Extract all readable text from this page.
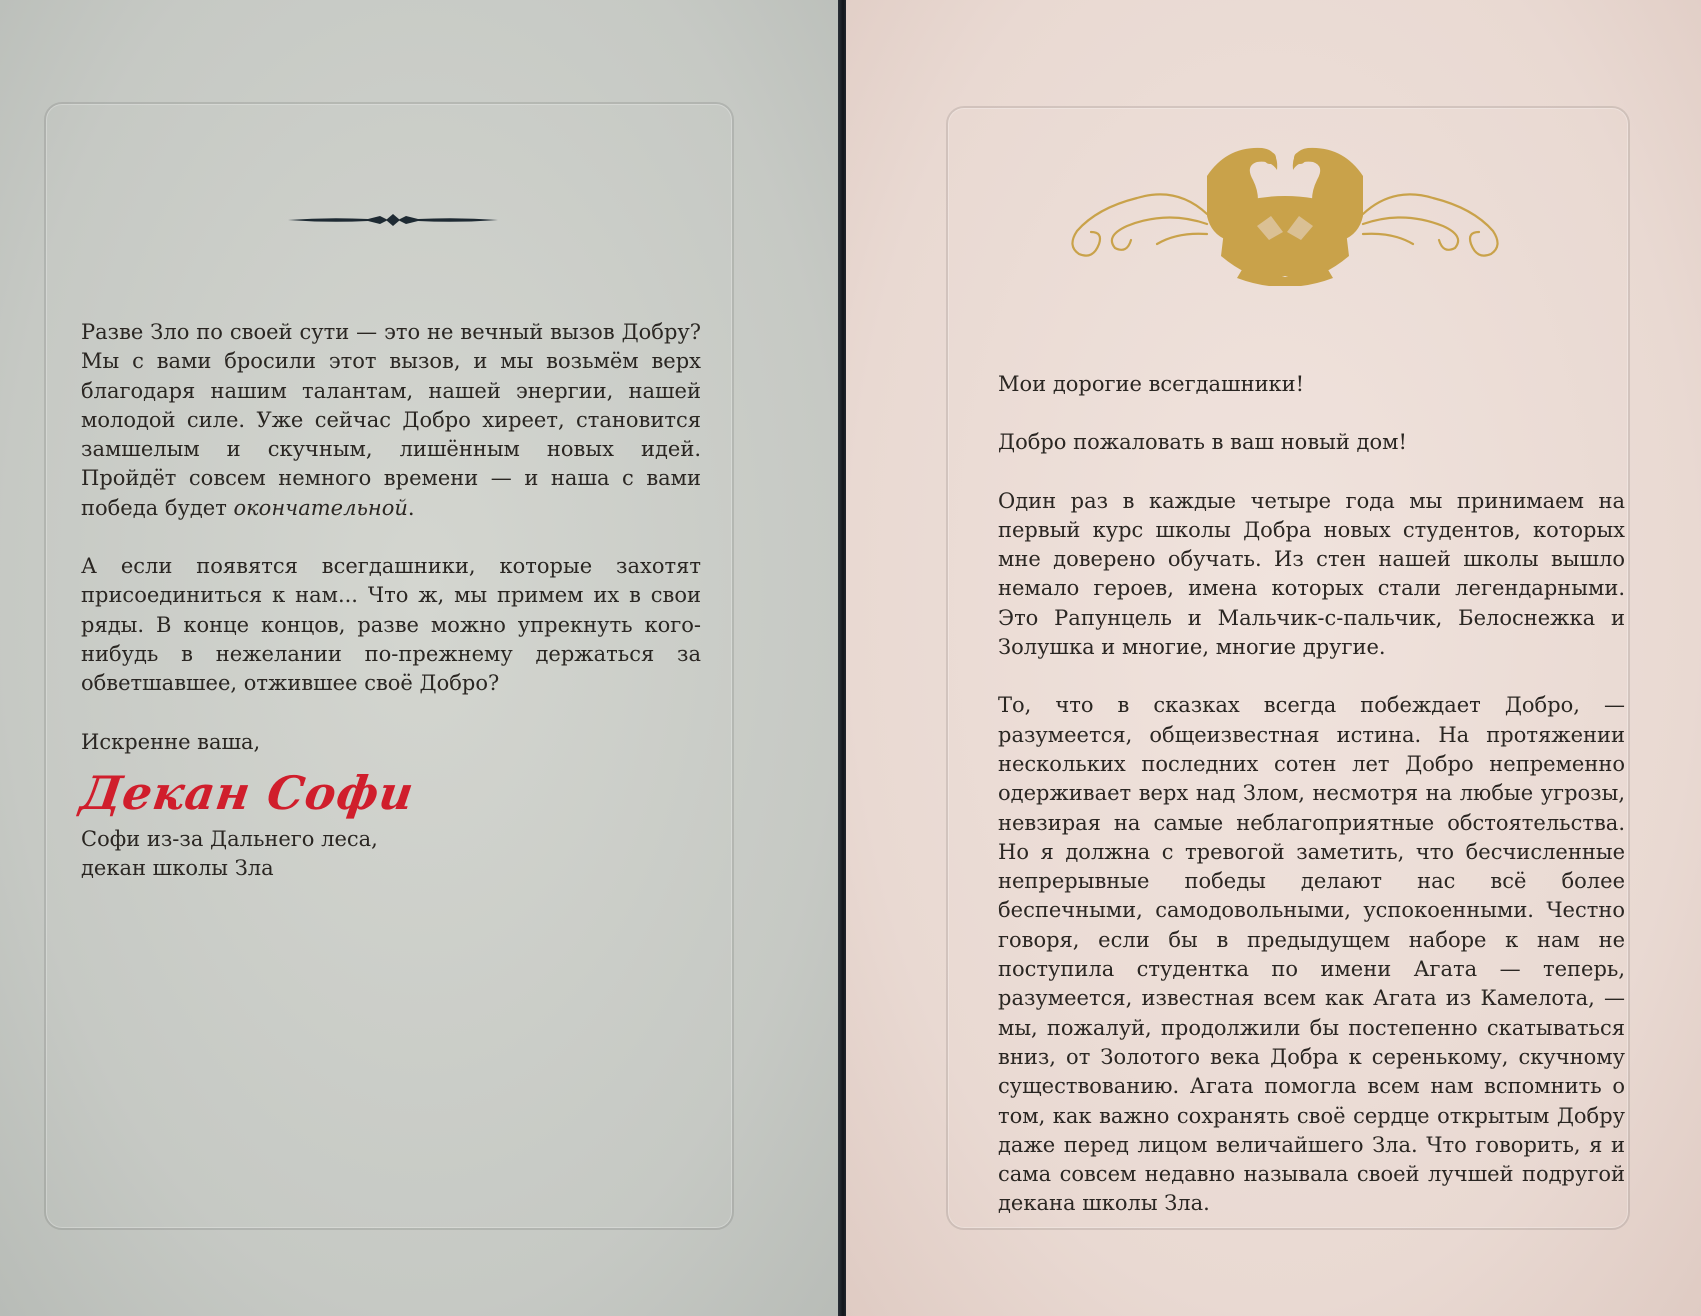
Разве Зло по своей сути — это не вечный вызов Добру? Мы с вами бросили этот вызов, и мы возьмём верх благодаря нашим талантам, нашей энергии, нашей молодой силе. Уже сейчас Добро хиреет, становится замшелым и скучным, лишённым новых идей. Пройдёт совсем немного времени — и наша с вами победа будет окончательной.

А если появятся всегдашники, которые захотят присоединиться к нам... Что ж, мы примем их в свои ряды. В конце концов, разве можно упрекнуть кого-нибудь в нежелании по-прежнему держаться за обветшавшее, отжившее своё Добро?

Искренне ваша,

Декан Софи

Софи из-за Дальнего леса,

декан школы Зла

Мои дорогие всегдашники!

Добро пожаловать в ваш новый дом!

Один раз в каждые четыре года мы принимаем на первый курс школы Добра новых студентов, которых мне доверено обучать. Из стен нашей школы вышло немало героев, имена которых стали легендарными. Это Рапунцель и Мальчик-с-пальчик, Белоснежка и Золушка и многие, многие другие.

То, что в сказках всегда побеждает Добро, — разумеется, общеизвестная истина. На протяжении нескольких последних сотен лет Добро непременно одерживает верх над Злом, несмотря на любые угрозы, невзирая на самые неблагоприятные обстоятельства. Но я должна с тревогой заметить, что бесчисленные непрерывные победы делают нас всё более беспечными, самодовольными, успокоенными. Честно говоря, если бы в предыдущем наборе к нам не поступила студентка по имени Агата — теперь, разумеется, известная всем как Агата из Камелота, — мы, пожалуй, продолжили бы постепенно скатываться вниз, от Золотого века Добра к серенькому, скучному существованию. Агата помогла всем нам вспомнить о том, как важно сохранять своё сердце открытым Добру даже перед лицом величайшего Зла. Что говорить, я и сама совсем недавно называла своей лучшей подругой декана школы Зла.
